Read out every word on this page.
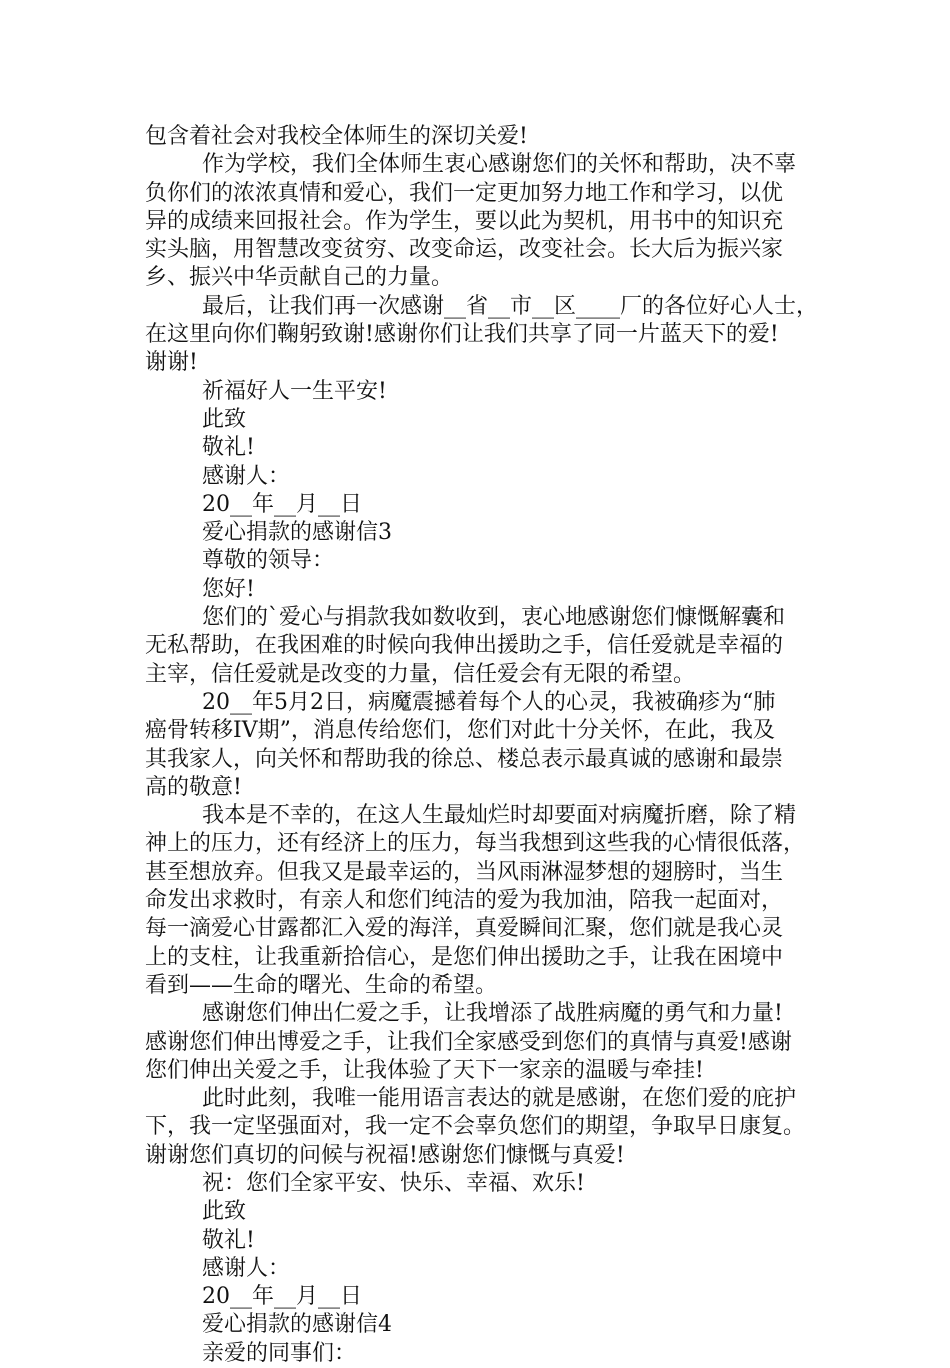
包含着社会对我校全体师生的深切关爱!
作为学校，我们全体师生衷心感谢您们的关怀和帮助，决不辜
负你们的浓浓真情和爱心，我们一定更加努力地工作和学习，以优
异的成绩来回报社会。作为学生，要以此为契机，用书中的知识充
实头脑，用智慧改变贫穷、改变命运，改变社会。长大后为振兴家
乡、振兴中华贡献自己的力量。
最后，让我们再一次感谢__省__市__区____厂的各位好心人士，
在这里向你们鞠躬致谢!感谢你们让我们共享了同一片蓝天下的爱!
谢谢!
祈福好人一生平安!
此致
敬礼!
感谢人：
20__年__月__日
爱心捐款的感谢信3
尊敬的领导：
您好!
您们的`爱心与捐款我如数收到，衷心地感谢您们慷慨解囊和
无私帮助，在我困难的时候向我伸出援助之手，信任爱就是幸福的
主宰，信任爱就是改变的力量，信任爱会有无限的希望。
20__年5月2日，病魔震撼着每个人的心灵，我被确疹为“肺
癌骨转移IV期”，消息传给您们，您们对此十分关怀，在此，我及
其我家人，向关怀和帮助我的徐总、楼总表示最真诚的感谢和最崇
高的敬意!
我本是不幸的，在这人生最灿烂时却要面对病魔折磨，除了精
神上的压力，还有经济上的压力，每当我想到这些我的心情很低落，
甚至想放弃。但我又是最幸运的，当风雨淋湿梦想的翅膀时，当生
命发出求救时，有亲人和您们纯洁的爱为我加油，陪我一起面对，
每一滴爱心甘露都汇入爱的海洋，真爱瞬间汇聚，您们就是我心灵
上的支柱，让我重新拾信心，是您们伸出援助之手，让我在困境中
看到——生命的曙光、生命的希望。
感谢您们伸出仁爱之手，让我增添了战胜病魔的勇气和力量!
感谢您们伸出博爱之手，让我们全家感受到您们的真情与真爱!感谢
您们伸出关爱之手，让我体验了天下一家亲的温暖与牵挂!
此时此刻，我唯一能用语言表达的就是感谢，在您们爱的庇护
下，我一定坚强面对，我一定不会辜负您们的期望，争取早日康复。
谢谢您们真切的问候与祝福!感谢您们慷慨与真爱!
祝：您们全家平安、快乐、幸福、欢乐!
此致
敬礼!
感谢人：
20__年__月__日
爱心捐款的感谢信4
亲爱的同事们：
